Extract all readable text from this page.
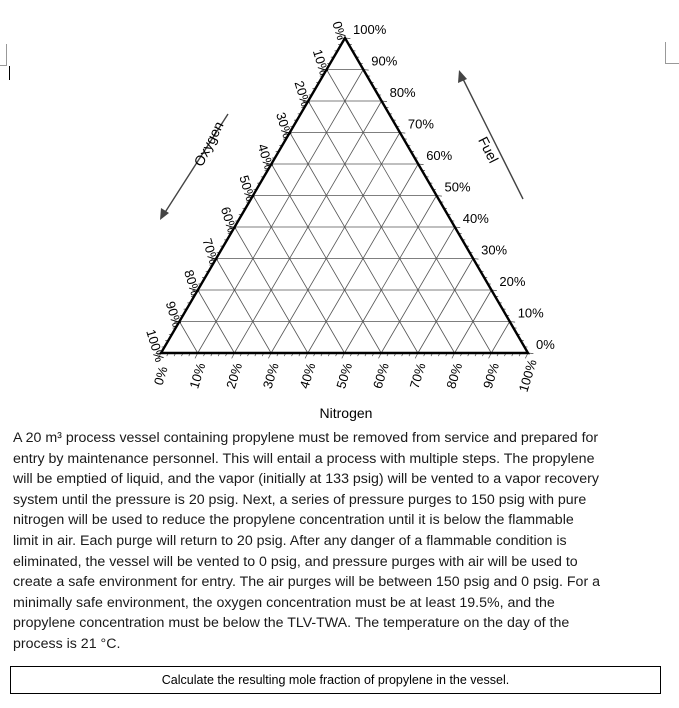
100%
90%
80%
70%
60%
50%
40%
30%
20%
10%
0%
0%
10%
20%
30%
40%
50%
60%
70%
80%
90%
100%
0% 10% 20% 30% 40% 50% 60% 70% 80% 90% 100%
Oxygen	Fuel
Nitrogen

A 20 m³ process vessel containing propylene must be removed from service and prepared for

entry by maintenance personnel. This will entail a process with multiple steps. The propylene

will be emptied of liquid, and the vapor (initially at 133 psig) will be vented to a vapor recovery

system until the pressure is 20 psig. Next, a series of pressure purges to 150 psig with pure

nitrogen will be used to reduce the propylene concentration until it is below the flammable

limit in air. Each purge will return to 20 psig. After any danger of a flammable condition is

eliminated, the vessel will be vented to 0 psig, and pressure purges with air will be used to

create a safe environment for entry. The air purges will be between 150 psig and 0 psig. For a

minimally safe environment, the oxygen concentration must be at least 19.5%, and the

propylene concentration must be below the TLV-TWA. The temperature on the day of the

process is 21 °C.

Calculate the resulting mole fraction of propylene in the vessel.
